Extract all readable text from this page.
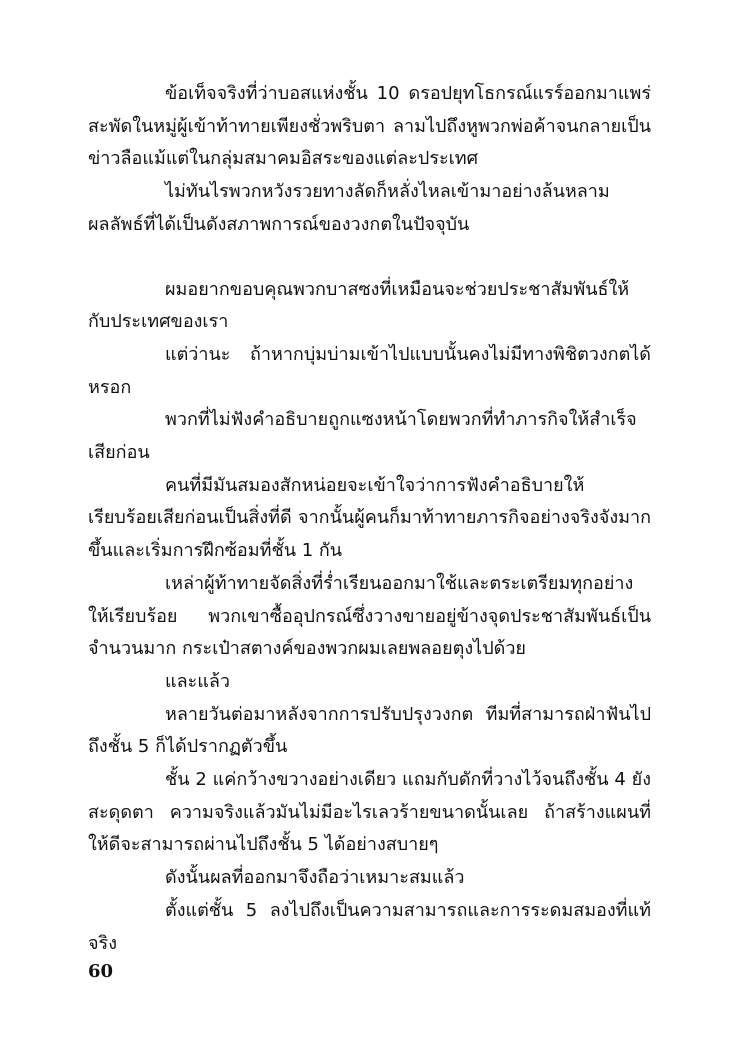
ข้อเท็จจริงที่ว่าบอสแห่งชั้น 10 ดรอปยุทโธกรณ์แรร์ออกมาแพร่สะพัดในหมู่ผู้เข้าท้าทายเพียงชั่วพริบตา ลามไปถึงหูพวกพ่อค้าจนกลายเป็นข่าวลือแม้แต่ในกลุ่มสมาคมอิสระของแต่ละประเทศ

ไม่ทันไรพวกหวังรวยทางลัดก็หลั่งไหลเข้ามาอย่างล้นหลาม ผลลัพธ์ที่ได้เป็นดังสภาพการณ์ของวงกตในปัจจุบัน

ผมอยากขอบคุณพวกบาสซงที่เหมือนจะช่วยประชาสัมพันธ์ให้กับประเทศของเรา

แต่ว่านะ ถ้าหากบุ่มบ่ามเข้าไปแบบนั้นคงไม่มีทางพิชิตวงกตได้หรอก

พวกที่ไม่ฟังคำอธิบายถูกแซงหน้าโดยพวกที่ทำภารกิจให้สำเร็จเสียก่อน

คนที่มีมันสมองสักหน่อยจะเข้าใจว่าการฟังคำอธิบายให้เรียบร้อยเสียก่อนเป็นสิ่งที่ดี จากนั้นผู้คนก็มาท้าทายภารกิจอย่างจริงจังมากขึ้นและเริ่มการฝึกซ้อมที่ชั้น 1 กัน

เหล่าผู้ท้าทายจัดสิ่งที่ร่ำเรียนออกมาใช้และตระเตรียมทุกอย่างให้เรียบร้อย พวกเขาซื้ออุปกรณ์ซึ่งวางขายอยู่ข้างจุดประชาสัมพันธ์เป็นจำนวนมาก กระเป๋าสตางค์ของพวกผมเลยพลอยตุงไปด้วย

และแล้ว

หลายวันต่อมาหลังจากการปรับปรุงวงกต ทีมที่สามารถฝ่าฟันไปถึงชั้น 5 ก็ได้ปรากฏตัวขึ้น

ชั้น 2 แค่กว้างขวางอย่างเดียว แถมกับดักที่วางไว้จนถึงชั้น 4 ยังสะดุดตา ความจริงแล้วมันไม่มีอะไรเลวร้ายขนาดนั้นเลย ถ้าสร้างแผนที่ให้ดีจะสามารถผ่านไปถึงชั้น 5 ได้อย่างสบายๆ

ดังนั้นผลที่ออกมาจึงถือว่าเหมาะสมแล้ว

ตั้งแต่ชั้น 5 ลงไปถึงเป็นความสามารถและการระดมสมองที่แท้จริง

60
